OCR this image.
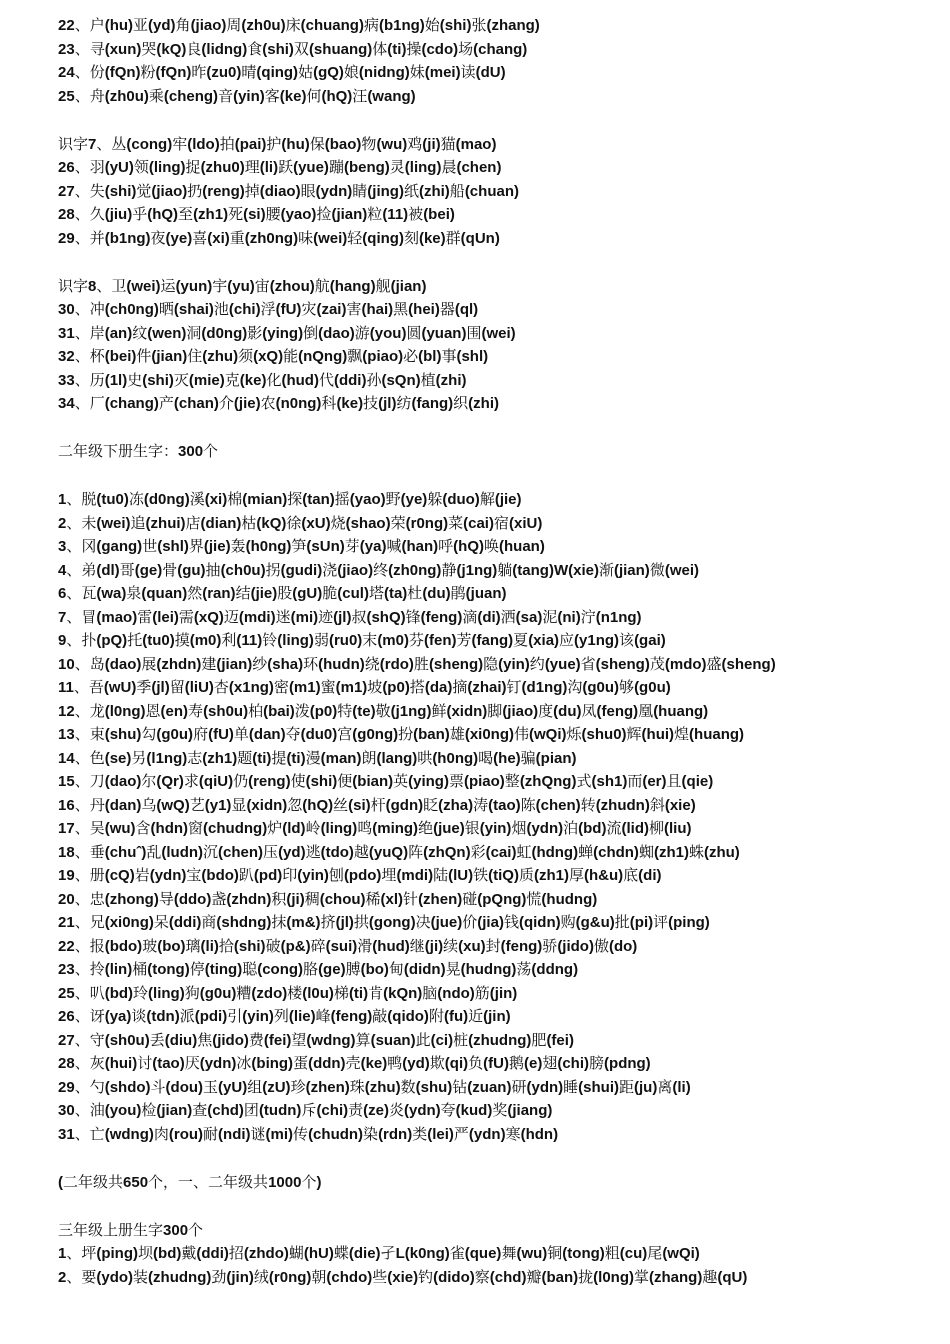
22、户(hu)亚(yd)角(jiao)周(zh0u)床(chuang)病(b1ng)始(shi)张(zhang)
23、寻(xun)哭(kQ)良(lidng)食(shi)双(shuang)体(ti)操(cdo)场(chang)
24、份(fQn)粉(fQn)昨(zu0)晴(qing)姑(gQ)娘(nidng)妹(mei)读(dU)
25、舟(zh0u)乘(cheng)音(yin)客(ke)何(hQ)汪(wang)
识字7、丛(cong)牢(ldo)拍(pai)护(hu)保(bao)物(wu)鸡(ji)猫(mao)
26、羽(yU)领(ling)捉(zhu0)理(li)跃(yue)蹦(beng)灵(ling)晨(chen)
27、失(shi)觉(jiao)扔(reng)掉(diao)眼(ydn)睛(jing)纸(zhi)船(chuan)
28、久(jiu)乎(hQ)至(zh1)死(si)腰(yao)捡(jian)粒(11)被(bei)
29、并(b1ng)夜(ye)喜(xi)重(zh0ng)味(wei)轻(qing)刻(ke)群(qUn)
识字8、卫(wei)运(yun)宇(yu)宙(zhou)航(hang)舰(jian)
30、冲(ch0ng)晒(shai)池(chi)浮(fU)灾(zai)害(hai)黑(hei)器(ql)
31、岸(an)纹(wen)洞(d0ng)影(ying)倒(dao)游(you)圆(yuan)围(wei)
32、杯(bei)件(jian)住(zhu)须(xQ)能(nQng)飘(piao)必(bl)事(shl)
33、历(1l)史(shi)灭(mie)克(ke)化(hud)代(ddi)孙(sQn)植(zhi)
34、厂(chang)产(chan)介(jie)农(n0ng)科(ke)技(jl)纺(fang)织(zhi)
二年级下册生字：300个
1、脱(tu0)冻(d0ng)溪(xi)棉(mian)探(tan)摇(yao)野(ye)躲(duo)解(jie)
2、未(wei)追(zhui)店(dian)枯(kQ)徐(xU)烧(shao)荣(r0ng)菜(cai)宿(xiU)
3、冈(gang)世(shl)界(jie)轰(h0ng)笋(sUn)芽(ya)喊(han)呼(hQ)唤(huan)
4、弟(dl)哥(ge)骨(gu)抽(ch0u)拐(gudi)浇(jiao)终(zh0ng)静(j1ng)躺(tang)W(xie)渐(jian)微(wei)
6、瓦(wa)泉(quan)然(ran)结(jie)股(gU)脆(cul)塔(ta)杜(du)鹃(juan)
7、冒(mao)雷(lei)需(xQ)迈(mdi)迷(mi)迹(jl)叔(shQ)锋(feng)滴(di)洒(sa)泥(ni)泞(n1ng)
9、扑(pQ)托(tu0)摸(m0)利(11)铃(ling)弱(ru0)末(m0)芬(fen)芳(fang)夏(xia)应(y1ng)该(gai)
10、岛(dao)展(zhdn)建(jian)纱(sha)环(hudn)绕(rdo)胜(sheng)隐(yin)约(yue)省(sheng)茂(mdo)盛(sheng)
11、吾(wU)季(jl)留(liU)杏(x1ng)密(m1)蜜(m1)坡(p0)搭(da)摘(zhai)钉(d1ng)沟(g0u)够(g0u)
12、龙(l0ng)恩(en)寿(sh0u)柏(bai)泼(p0)特(te)敬(j1ng)鲜(xidn)脚(jiao)度(du)凤(feng)凰(huang)
13、束(shu)勾(g0u)府(fU)单(dan)夺(du0)宫(g0ng)扮(ban)雄(xi0ng)伟(wQi)烁(shu0)辉(hui)煌(huang)
14、色(se)另(l1ng)志(zh1)题(ti)提(ti)漫(man)朗(lang)哄(h0ng)喝(he)骗(pian)
15、刀(dao)尔(Qr)求(qiU)仍(reng)使(shi)便(bian)英(ying)票(piao)整(zhQng)式(sh1)而(er)且(qie)
16、丹(dan)乌(wQ)艺(y1)显(xidn)忽(hQ)丝(si)杆(gdn)眨(zha)涛(tao)陈(chen)转(zhudn)斜(xie)
17、吴(wu)含(hdn)窗(chudng)炉(ld)岭(ling)鸣(ming)绝(jue)银(yin)烟(ydn)泊(bd)流(lid)柳(liu)
18、垂(chuˆ)乱(ludn)沉(chen)压(yd)逃(tdo)越(yuQ)阵(zhQn)彩(cai)虹(hdng)蝉(chdn)蜘(zh1)蛛(zhu)
19、册(cQ)岩(ydn)宝(bdo)趴(pd)印(yin)刨(pdo)埋(mdi)陆(lU)铁(tiQ)质(zh1)厚(h&u)底(di)
20、忠(zhong)导(ddo)盏(zhdn)积(ji)稠(chou)稀(xl)针(zhen)碰(pQng)慌(hudng)
21、兄(xi0ng)呆(ddi)商(shdng)抹(m&)挤(jl)拱(gong)决(jue)价(jia)钱(qidn)购(g&u)批(pi)评(ping)
22、报(bdo)玻(bo)璃(li)拾(shi)破(p&)碎(sui)滑(hud)继(ji)续(xu)封(feng)骄(jido)傲(do)
23、拎(lin)桶(tong)停(ting)聪(cong)胳(ge)膊(bo)甸(didn)晃(hudng)荡(ddng)
25、叭(bd)玲(ling)狗(g0u)糟(zdo)楼(l0u)梯(ti)肯(kQn)脑(ndo)筋(jin)
26、讶(ya)谈(tdn)派(pdi)引(yin)列(lie)峰(feng)敲(qido)附(fu)近(jin)
27、守(sh0u)丢(diu)焦(jido)费(fei)望(wdng)算(suan)此(ci)桩(zhudng)肥(fei)
28、灰(hui)讨(tao)厌(ydn)冰(bing)蛋(ddn)壳(ke)鸭(yd)欺(qi)负(fU)鹅(e)翅(chi)膀(pdng)
29、勺(shdo)斗(dou)玉(yU)组(zU)珍(zhen)珠(zhu)数(shu)钻(zuan)研(ydn)睡(shui)距(ju)离(li)
30、油(you)检(jian)查(chd)团(tudn)斥(chi)责(ze)炎(ydn)夸(kud)奖(jiang)
31、亡(wdng)肉(rou)耐(ndi)谜(mi)传(chudn)染(rdn)类(lei)严(ydn)寒(hdn)
(二年级共650个，一、二年级共1000个)
三年级上册生字300个
1、坪(ping)坝(bd)戴(ddi)招(zhdo)蝴(hU)蝶(die)孑L(k0ng)雀(que)舞(wu)铜(tong)粗(cu)尾(wQi)
2、要(ydo)装(zhudng)劲(jin)绒(r0ng)朝(chdo)些(xie)钓(dido)察(chd)瓣(ban)拢(l0ng)掌(zhang)趣(qU)
